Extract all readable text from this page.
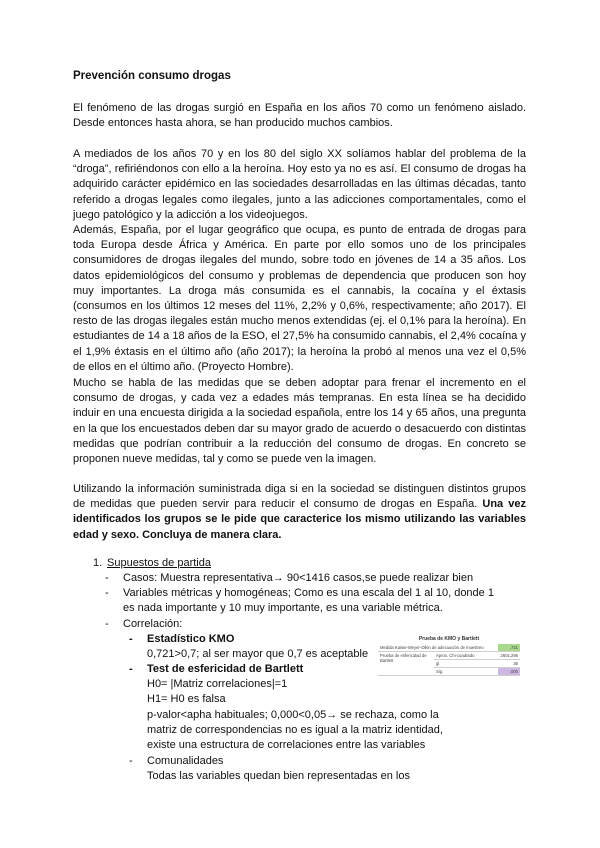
Prevención consumo drogas
El fenómeno de las drogas surgió en España en los años 70 como un fenómeno aislado. Desde entonces hasta ahora, se han producido muchos cambios.
A mediados de los años 70 y en los 80 del siglo XX solíamos hablar del problema de la “droga”, refiriéndonos con ello a la heroína. Hoy esto ya no es así. El consumo de drogas ha adquirido carácter epidémico en las sociedades desarrolladas en las últimas décadas, tanto referido a drogas legales como ilegales, junto a las adicciones comportamentales, como el juego patológico y la adicción a los videojuegos.
Además, España, por el lugar geográfico que ocupa, es punto de entrada de drogas para toda Europa desde África y América. En parte por ello somos uno de los principales consumidores de drogas ilegales del mundo, sobre todo en jóvenes de 14 a 35 años. Los datos epidemiológicos del consumo y problemas de dependencia que producen son hoy muy importantes. La droga más consumida es el cannabis, la cocaína y el éxtasis (consumos en los últimos 12 meses del 11%, 2,2% y 0,6%, respectivamente; año 2017). El resto de las drogas ilegales están mucho menos extendidas (ej. el 0,1% para la heroína). En estudiantes de 14 a 18 años de la ESO, el 27,5% ha consumido cannabis, el 2,4% cocaína y el 1,9% éxtasis en el último año (año 2017); la heroína la probó al menos una vez el 0,5% de ellos en el último año. (Proyecto Hombre).
Mucho se habla de las medidas que se deben adoptar para frenar el incremento en el consumo de drogas, y cada vez a edades más tempranas. En esta línea se ha decidido induir en una encuesta dirigida a la sociedad española, entre los 14 y 65 años, una pregunta en la que los encuestados deben dar su mayor grado de acuerdo o desacuerdo con distintas medidas que podrían contribuir a la reducción del consumo de drogas. En concreto se proponen nueve medidas, tal y como se puede ven la imagen.
Utilizando la información suministrada diga si en la sociedad se distinguen distintos grupos de medidas que pueden servir para reducir el consumo de drogas en España. Una vez identificados los grupos se le pide que caracterice los mismo utilizando las variables edad y sexo. Concluya de manera clara.
1. Supuestos de partida
- Casos: Muestra representativa→ 90<1416 casos,se puede realizar bien
- Variables métricas y homogéneas; Como es una escala del 1 al 10, donde 1 es nada importante y 10 muy importante, es una variable métrica.
- Correlación:
- Estadístico KMO
0,721>0,7; al ser mayor que 0,7 es aceptable
- Test de esfericidad de Bartlett
H0= |Matriz correlaciones|=1
H1= H0 es falsa
p-valor<apha habituales; 0,000<0,05→ se rechaza, como la matriz de correspondencias no es igual a la matriz identidad, existe una estructura de correlaciones entre las variables
- Comunalidades
Todas las variables quedan bien representadas en los
Prueba de KMO y Bartlett
Medida Kaiser-Meyer-Olkin de adecuación de muestreo		,721
Prueba de esfericidad de Bartlett	Aprox. Chi-cuadrado	2601,295
	gl	36
	Sig.	,000
